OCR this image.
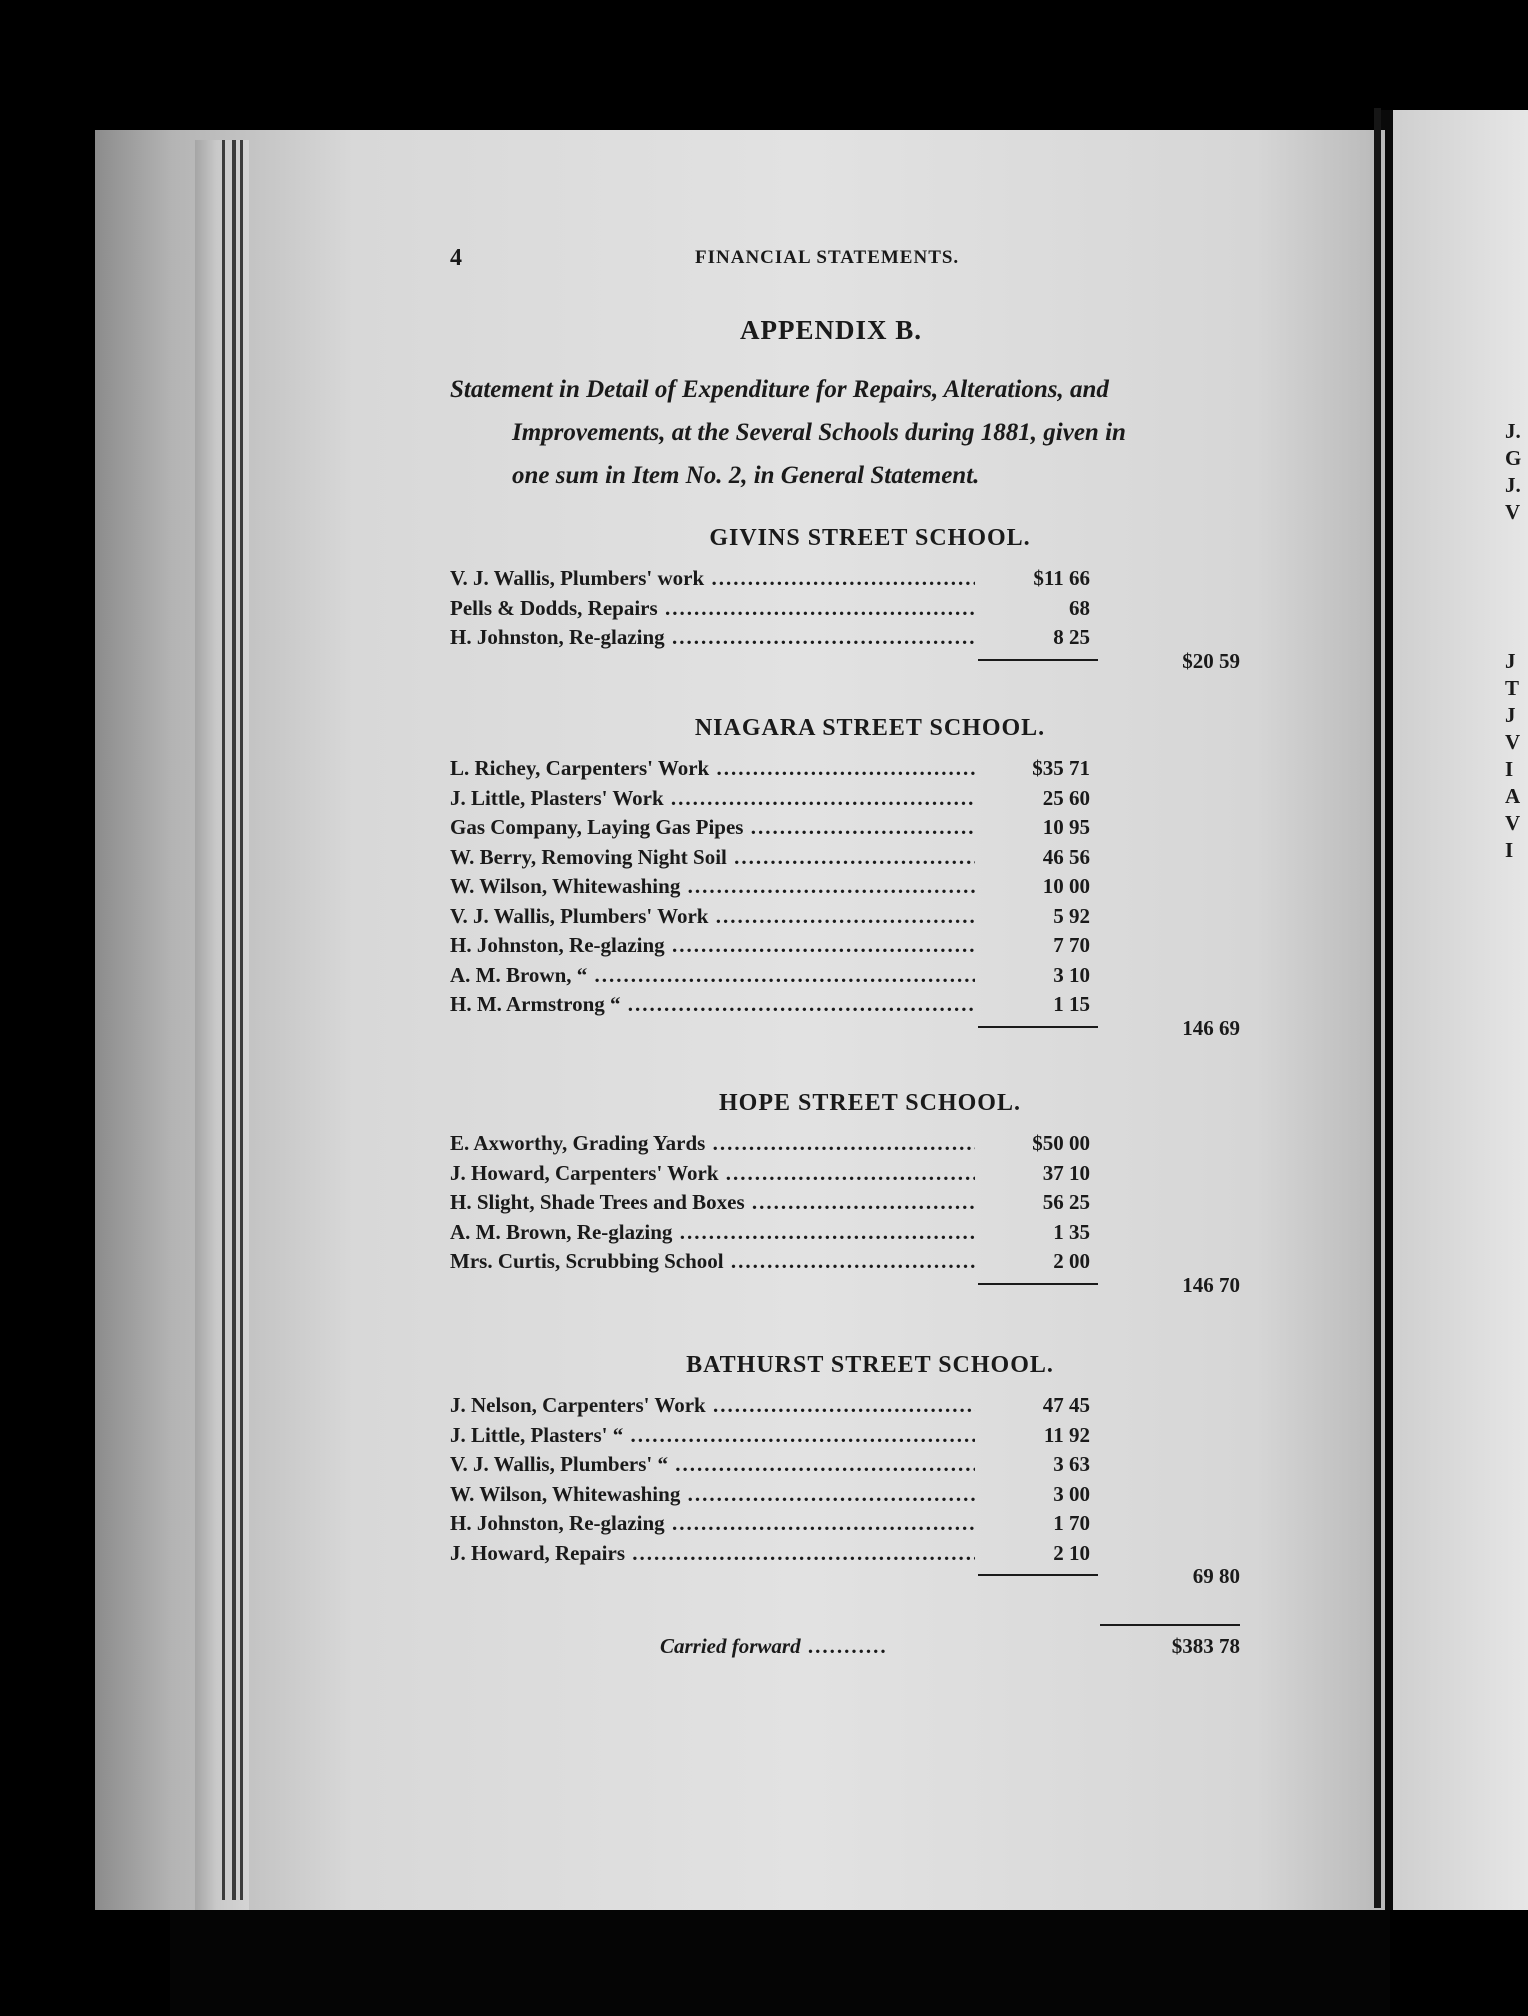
J.
G
J.
V
J
T
J
V
I
A
V
I
4	FINANCIAL STATEMENTS.
APPENDIX B.
Statement in Detail of Expenditure for Repairs, Alterations, and
Improvements, at the Several Schools during 1881, given in
one sum in Item No. 2, in General Statement.
GIVINS STREET SCHOOL.
V. J. Wallis, Plumbers' work .....	$11 66
Pells & Dodds, Repairs .....	68
H. Johnston, Re-glazing .....	8 25
$20 59
NIAGARA STREET SCHOOL.
L. Richey, Carpenters' Work .....	$35 71
J. Little, Plasters' Work .....	25 60
Gas Company, Laying Gas Pipes .....	10 95
W. Berry, Removing Night Soil .....	46 56
W. Wilson, Whitewashing .....	10 00
V. J. Wallis, Plumbers' Work .....	5 92
H. Johnston, Re-glazing .....	7 70
A. M. Brown, “ .....	3 10
H. M. Armstrong “ .....	1 15
146 69
HOPE STREET SCHOOL.
E. Axworthy, Grading Yards .....	$50 00
J. Howard, Carpenters' Work .....	37 10
H. Slight, Shade Trees and Boxes .....	56 25
A. M. Brown, Re-glazing .....	1 35
Mrs. Curtis, Scrubbing School .....	2 00
146 70
BATHURST STREET SCHOOL.
J. Nelson, Carpenters' Work .....	47 45
J. Little, Plasters' “ .....	11 92
V. J. Wallis, Plumbers' “ .....	3 63
W. Wilson, Whitewashing .....	3 00
H. Johnston, Re-glazing .....	1 70
J. Howard, Repairs .....	2 10
69 80
Carried forward .....	$383 78
